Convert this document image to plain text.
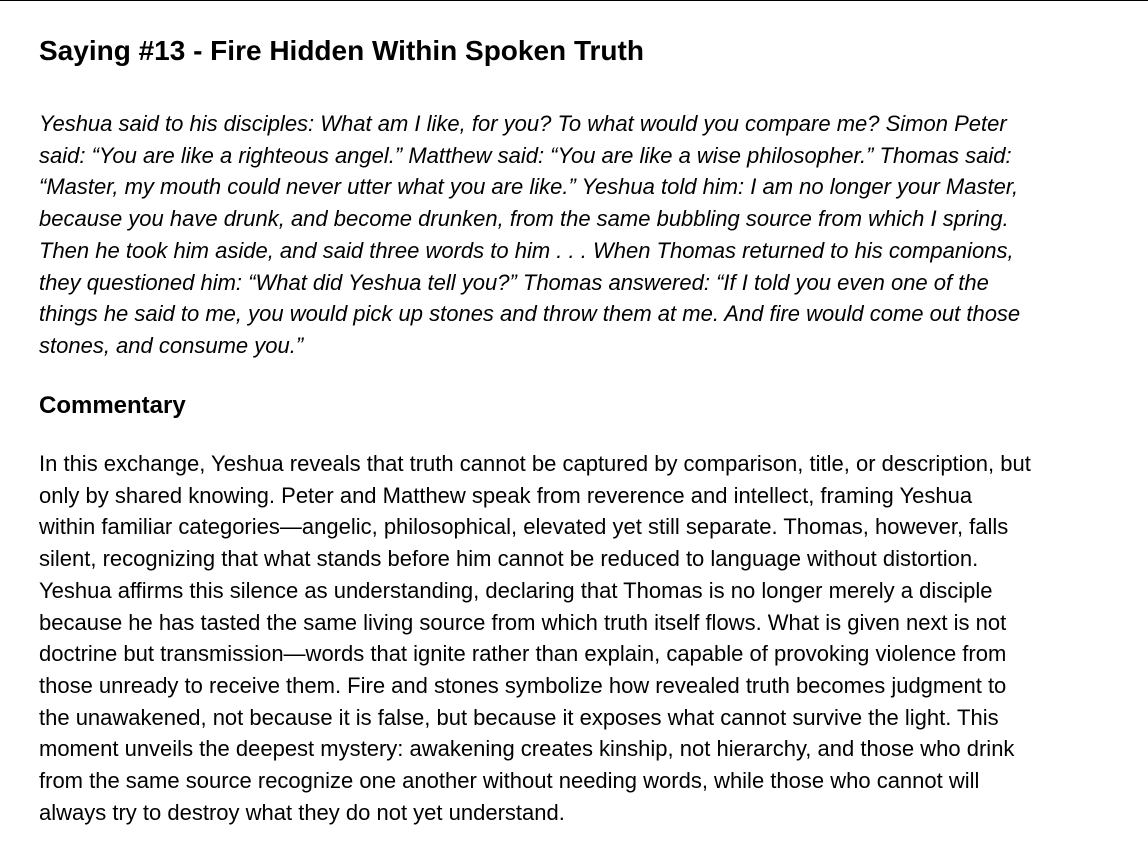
Saying #13 - Fire Hidden Within Spoken Truth

Yeshua said to his disciples: What am I like, for you? To what would you compare me? Simon Peter
said: “You are like a righteous angel.” Matthew said: “You are like a wise philosopher.” Thomas said:
“Master, my mouth could never utter what you are like.” Yeshua told him: I am no longer your Master,
because you have drunk, and become drunken, from the same bubbling source from which I spring.
Then he took him aside, and said three words to him . . . When Thomas returned to his companions,
they questioned him: “What did Yeshua tell you?” Thomas answered: “If I told you even one of the
things he said to me, you would pick up stones and throw them at me. And fire would come out those
stones, and consume you.”

Commentary

In this exchange, Yeshua reveals that truth cannot be captured by comparison, title, or description, but
only by shared knowing. Peter and Matthew speak from reverence and intellect, framing Yeshua
within familiar categories—angelic, philosophical, elevated yet still separate. Thomas, however, falls
silent, recognizing that what stands before him cannot be reduced to language without distortion.
Yeshua affirms this silence as understanding, declaring that Thomas is no longer merely a disciple
because he has tasted the same living source from which truth itself flows. What is given next is not
doctrine but transmission—words that ignite rather than explain, capable of provoking violence from
those unready to receive them. Fire and stones symbolize how revealed truth becomes judgment to
the unawakened, not because it is false, but because it exposes what cannot survive the light. This
moment unveils the deepest mystery: awakening creates kinship, not hierarchy, and those who drink
from the same source recognize one another without needing words, while those who cannot will
always try to destroy what they do not yet understand.
